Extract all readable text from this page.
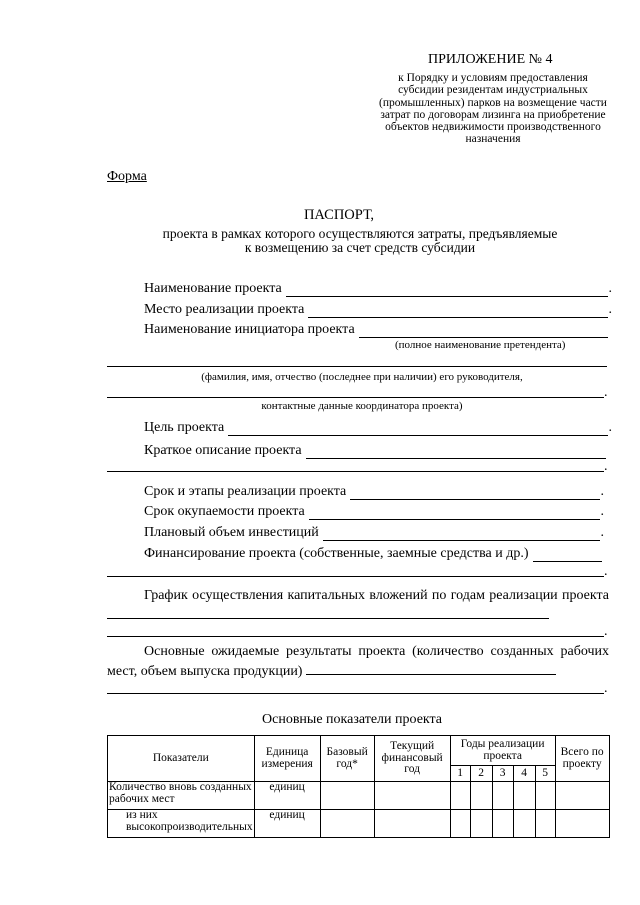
ПРИЛОЖЕНИЕ № 4
к Порядку и условиям предоставления субсидии резидентам индустриальных (промышленных) парков на возмещение части затрат по договорам лизинга на приобретение объектов недвижимости производственного назначения
Форма
ПАСПОРТ,
проекта в рамках которого осуществляются затраты, предъявляемые к возмещению за счет средств субсидии
Наименование проекта	.
Место реализации проекта	.
Наименование инициатора проекта
(полное наименование претендента)
(фамилия, имя, отчество (последнее при наличии) его руководителя,
.
контактные данные координатора проекта)
Цель проекта	.
Краткое описание проекта
.
Срок и этапы реализации проекта	.
Срок окупаемости проекта	.
Плановый объем инвестиций	.
Финансирование проекта (собственные, заемные средства и др.)
.
График осуществления капитальных вложений по годам реализации проекта
.
Основные ожидаемые результаты проекта (количество созданных рабочих мест, объем выпуска продукции)
.
Основные показатели проекта
Показатели	Единица измерения	Базовый год*	Текущий финансовый год	Годы реализации проекта					Всего по проекту
				1	2	3	4	5	
Количество вновь созданных рабочих мест	единиц								
из них высокопроизводительных	единиц								
